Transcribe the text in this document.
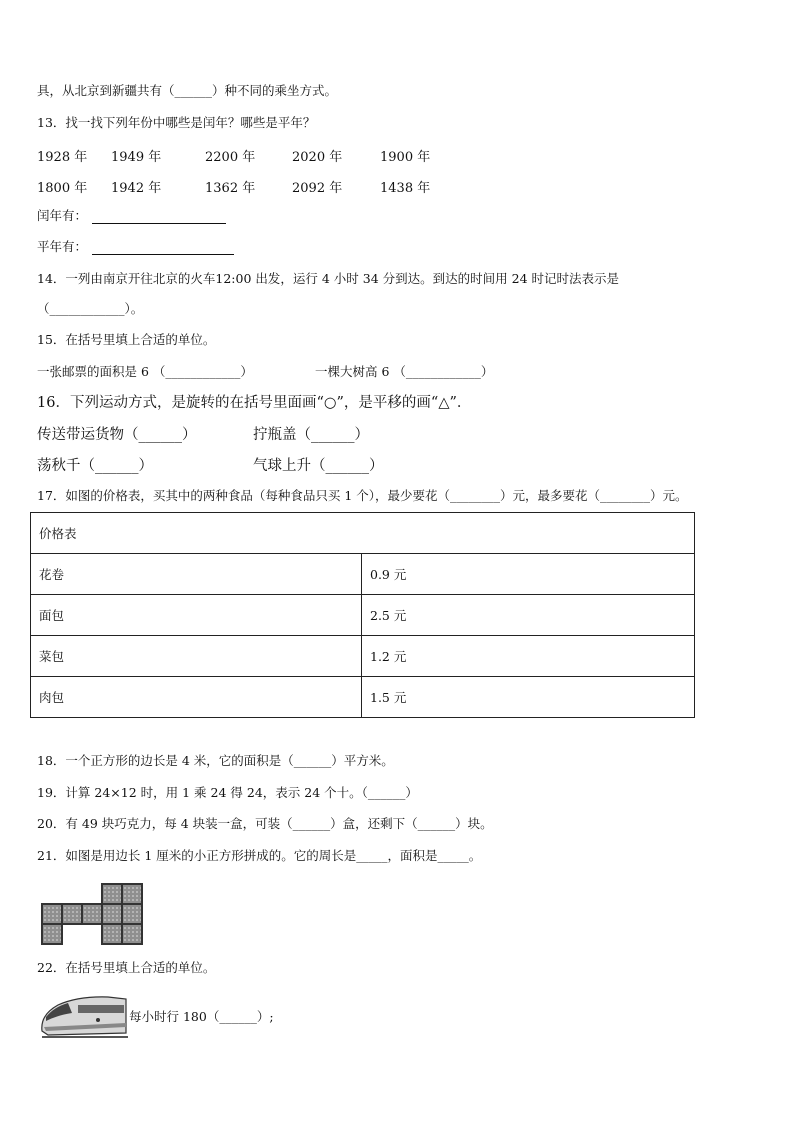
具，从北京到新疆共有（______）种不同的乘坐方式。
13．找一找下列年份中哪些是闰年？哪些是平年？
1928 年 1949 年	2200 年	2020 年	1900 年
1800 年 1942 年	1362 年	2092 年	1438 年
闰年有：
平年有：
14．一列由南京开往北京的火车12:00 出发，运行 4 小时 34 分到达。到达的时间用 24 时记时法表示是
（____________）。
15．在括号里填上合适的单位。
一张邮票的面积是 6 （____________）	一棵大树高 6 （____________）
16．下列运动方式，是旋转的在括号里面画“○”，是平移的画“△”．
传送带运货物（______）	拧瓶盖（______）
荡秋千（______）	气球上升（______）
17．如图的价格表，买其中的两种食品（每种食品只买 1 个），最少要花（________）元，最多要花（________）元。
价格表	
花卷	0.9 元
面包	2.5 元
菜包	1.2 元
肉包	1.5 元
18．一个正方形的边长是 4 米，它的面积是（______）平方米。
19．计算 24×12 时，用 1 乘 24 得 24，表示 24 个十。（______）
20．有 49 块巧克力，每 4 块装一盒，可装（______）盒，还剩下（______）块。
21．如图是用边长 1 厘米的小正方形拼成的。它的周长是_____，面积是_____。
22．在括号里填上合适的单位。
每小时行 180（______）;
